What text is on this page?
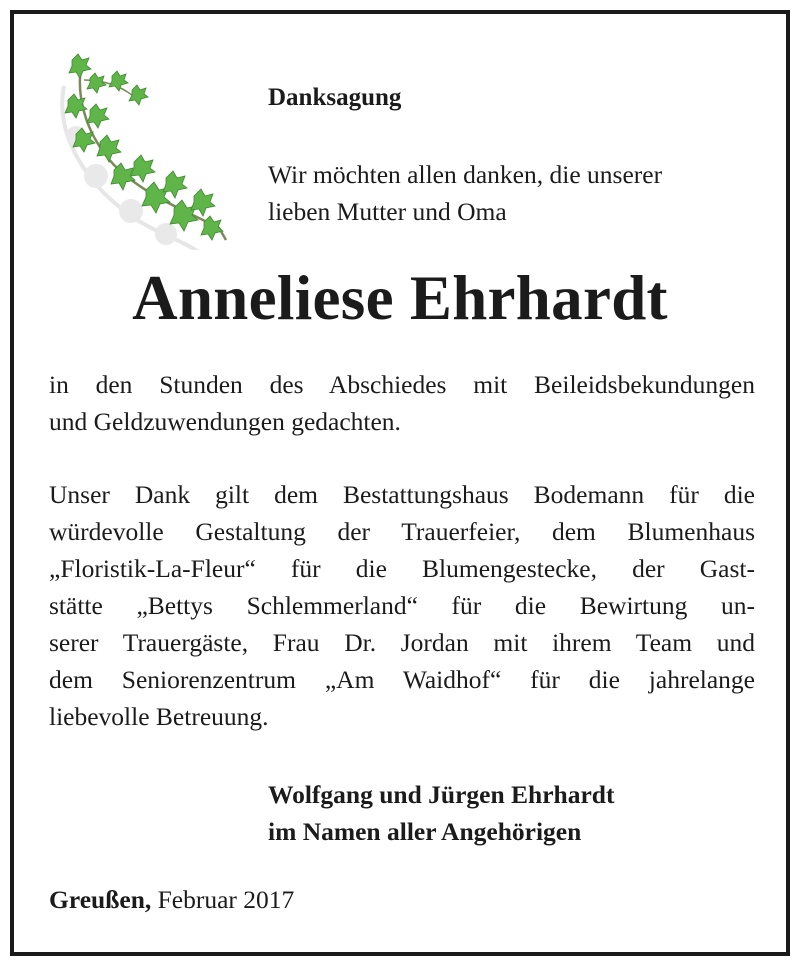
Danksagung
Wir möchten allen danken, die unserer
lieben Mutter und Oma
Anneliese Ehrhardt
in den Stunden des Abschiedes mit Beileidsbekundungen
und Geldzuwendungen gedachten.
Unser Dank gilt dem Bestattungshaus Bodemann für die
würdevolle Gestaltung der Trauerfeier, dem Blumenhaus
„Floristik-La-Fleur“ für die Blumengestecke, der Gast-
stätte „Bettys Schlemmerland“ für die Bewirtung un-
serer Trauergäste, Frau Dr. Jordan mit ihrem Team und
dem Seniorenzentrum „Am Waidhof“ für die jahrelange
liebevolle Betreuung.
Wolfgang und Jürgen Ehrhardt
im Namen aller Angehörigen
Greußen, Februar 2017
